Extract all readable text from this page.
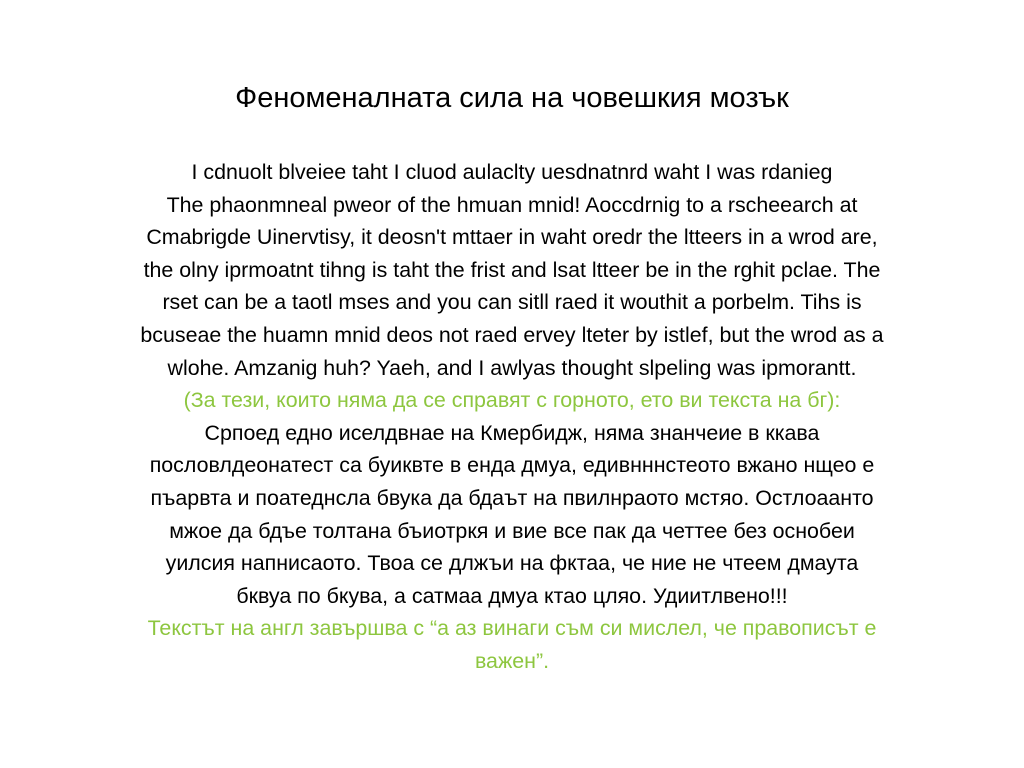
Феноменалната сила на човешкия мозък
I cdnuolt blveiee taht I cluod aulaclty uesdnatnrd waht I was rdanieg
The phaonmneal pweor of the hmuan mnid! Aoccdrnig to a rscheearch at
Cmabrigde Uinervtisy, it deosn't mttaer in waht oredr the ltteers in a wrod are,
the olny iprmoatnt tihng is taht the frist and lsat ltteer be in the rghit pclae. The
rset can be a taotl mses and you can sitll raed it wouthit a porbelm. Tihs is
bcuseae the huamn mnid deos not raed ervey lteter by istlef, but the wrod as a
wlohe. Amzanig huh? Yaeh, and I awlyas thought slpeling was ipmorantt.
(За тези, които няма да се справят с горното, ето ви текста на бг):
Српоед едно иселдвнае на Кмербидж, няма знанчеие в ккава
пословлдеонатест са буиквте в енда дмуа, едивнннстеото вжано нщео е
пъарвта и поатеднсла бвука да бдаът на пвилнраото мстяо. Остлоаанто
мжое да бдъе толтана бъиотркя и вие все пак да четтее без оснобеи
уилсия напнисаото. Твоа се длжъи на фктаа, че ние не чтеем дмаута
бквуа по бкува, а сатмаа дмуа ктао цляо. Удиитлвено!!!
Текстът на англ завършва с “а аз винаги съм си мислел, че правописът е
важен”.
